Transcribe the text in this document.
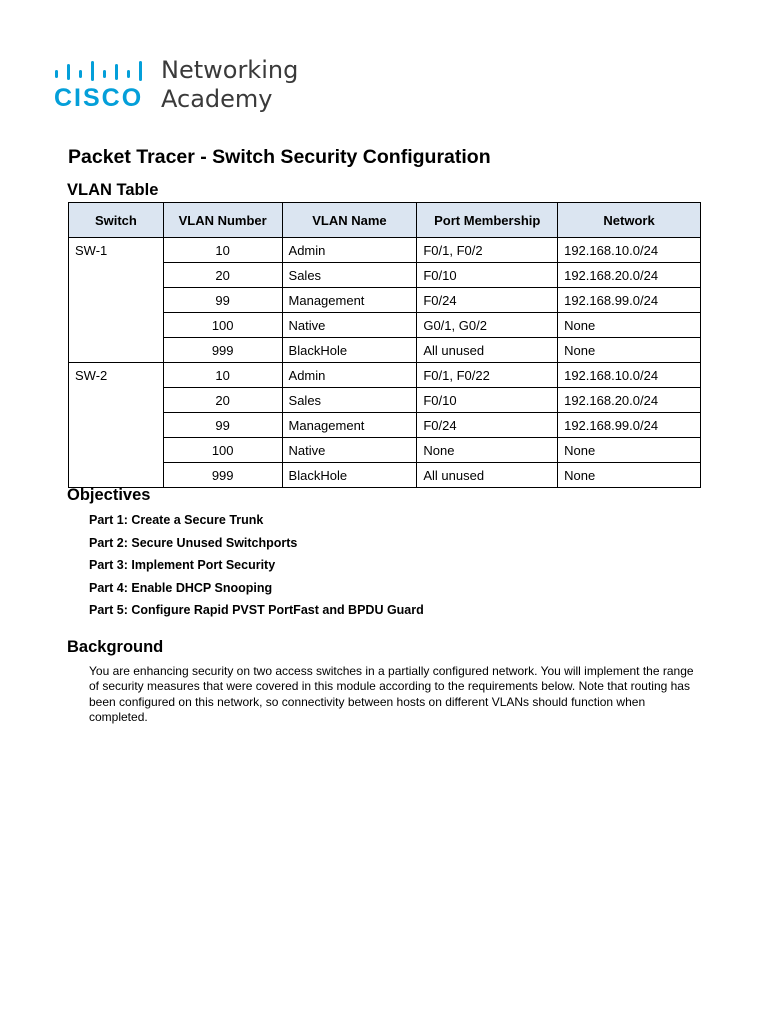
CISCO
Networking
Academy
Packet Tracer - Switch Security Configuration
VLAN Table
Switch	VLAN Number	VLAN Name	Port Membership	Network
SW-1	10	Admin	F0/1, F0/2	192.168.10.0/24
	20	Sales	F0/10	192.168.20.0/24
	99	Management	F0/24	192.168.99.0/24
	100	Native	G0/1, G0/2	None
	999	BlackHole	All unused	None
SW-2	10	Admin	F0/1, F0/22	192.168.10.0/24
	20	Sales	F0/10	192.168.20.0/24
	99	Management	F0/24	192.168.99.0/24
	100	Native	None	None
	999	BlackHole	All unused	None
Objectives
Part 1: Create a Secure Trunk
Part 2: Secure Unused Switchports
Part 3: Implement Port Security
Part 4: Enable DHCP Snooping
Part 5: Configure Rapid PVST PortFast and BPDU Guard
Background

You are enhancing security on two access switches in a partially configured network. You will implement the range of security measures that were covered in this module according to the requirements below. Note that routing has been configured on this network, so connectivity between hosts on different VLANs should function when completed.
